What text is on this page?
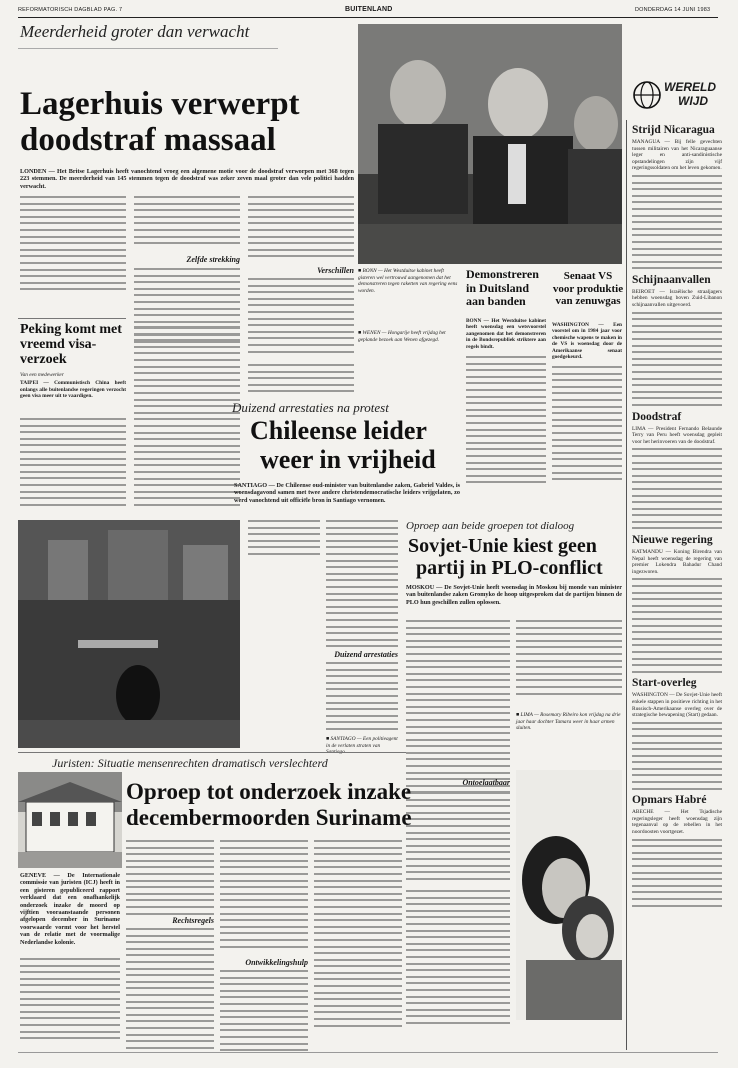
REFORMATORISCH DAGBLAD PAG. 7	BUITENLAND	DONDERDAG 14 JUNI 1983
Meerderheid groter dan verwacht
Lagerhuis verwerpt
doodstraf massaal
LONDEN — Het Britse Lagerhuis heeft vanochtend vroeg een algemene motie voor de doodstraf verworpen met 368 tegen 223 stemmen. De meerderheid van 145 stemmen tegen de doodstraf was zeker zeven maal groter dan vele politici hadden verwacht.
Zelfde strekking
Verschillen
WERELD
WIJD
Strijd Nicaragua
MANAGUA — Bij felle gevechten tussen militairen van het Nicaraguaanse leger en anti-sandinistische opstandelingen zijn vijf regeringssoldaten om het leven gekomen.
Schijnaanvallen
BEIROET — Israëlische straaljagers hebben woensdag boven Zuid-Libanon schijnaanvallen uitgevoerd.
Doodstraf
LIMA — President Fernando Belaunde Terry van Peru heeft woensdag gepleit voor het herinvoeren van de doodstraf.
Nieuwe regering
KATMANDU — Koning Birendra van Nepal heeft woensdag de regering van premier Lokendra Bahadur Chand ingezworen.
Start-overleg
WASHINGTON — De Sovjet-Unie heeft enkele stappen in positieve richting in het Russisch-Amerikaanse overleg over de strategische bewapening (Start) gedaan.
Opmars Habré
ABECHE — Het Tsjadische regeringsleger heeft woensdag zijn tegenaanval op de rebellen in het noordoosten voortgezet.
■ BONN — Het Westduitse kabinet heeft gisteren wel vertrouwd aangenomen dat het demonstreren tegen raketten van regering eens worden.
■ WENEN — Hongarije heeft vrijdag het geplande bezoek aan Wenen afgezegd.
Demonstreren in Duitsland aan banden
BONN — Het Westduitse kabinet heeft woensdag een wetsvoorstel aangenomen dat het demonstreren in de Bondsrepubliek striktere aan regels bindt.
Senaat VS voor produktie van zenuwgas
WASHINGTON — Een voorstel om in 1984 jaar voor chemische wapens te maken in de VS is woensdag door de Amerikaanse senaat goedgekeurd.
Peking komt met vreemd visa-verzoek
Van een medewerker
TAIPEI — Communistisch China heeft onlangs alle buitenlandse regeringen verzocht geen visa meer uit te vaardigen.
Duizend arrestaties na protest
Chileense leider
weer in vrijheid
SANTIAGO — De Chileense oud-minister van buitenlandse zaken, Gabriel Valdes, is woensdagavond samen met twee andere christendemocratische leiders vrijgelaten, zo werd vanochtend uit officiële bron in Santiago vernomen.
Duizend arrestaties
■ SANTIAGO — Een politieagent in de verlaten straten van Santiago.
Oproep aan beide groepen tot dialoog
Sovjet-Unie kiest geen
partij in PLO-conflict
MOSKOU — De Sovjet-Unie heeft woensdag in Moskou bij monde van minister van buitenlandse zaken Gromyko de hoop uitgesproken dat de partijen binnen de PLO hun geschillen zullen oplossen.
■ LIMA — Rosemary Ribeiro kon vrijdag na drie jaar haar dochter Tamara weer in haar armen sluiten.
Ontoelaatbaar
Juristen: Situatie mensenrechten dramatisch verslechterd
Oproep tot onderzoek inzake
decembermoorden Suriname
GENEVE — De Internationale commissie van juristen (ICJ) heeft in een gisteren gepubliceerd rapport verklaard dat een onafhankelijk onderzoek inzake de moord op vijftien vooraanstaande personen afgelopen december in Suriname voorwaarde vormt voor het herstel van de relatie met de voormalige Nederlandse kolonie.
Rechtsregels
Ontwikkelingshulp
